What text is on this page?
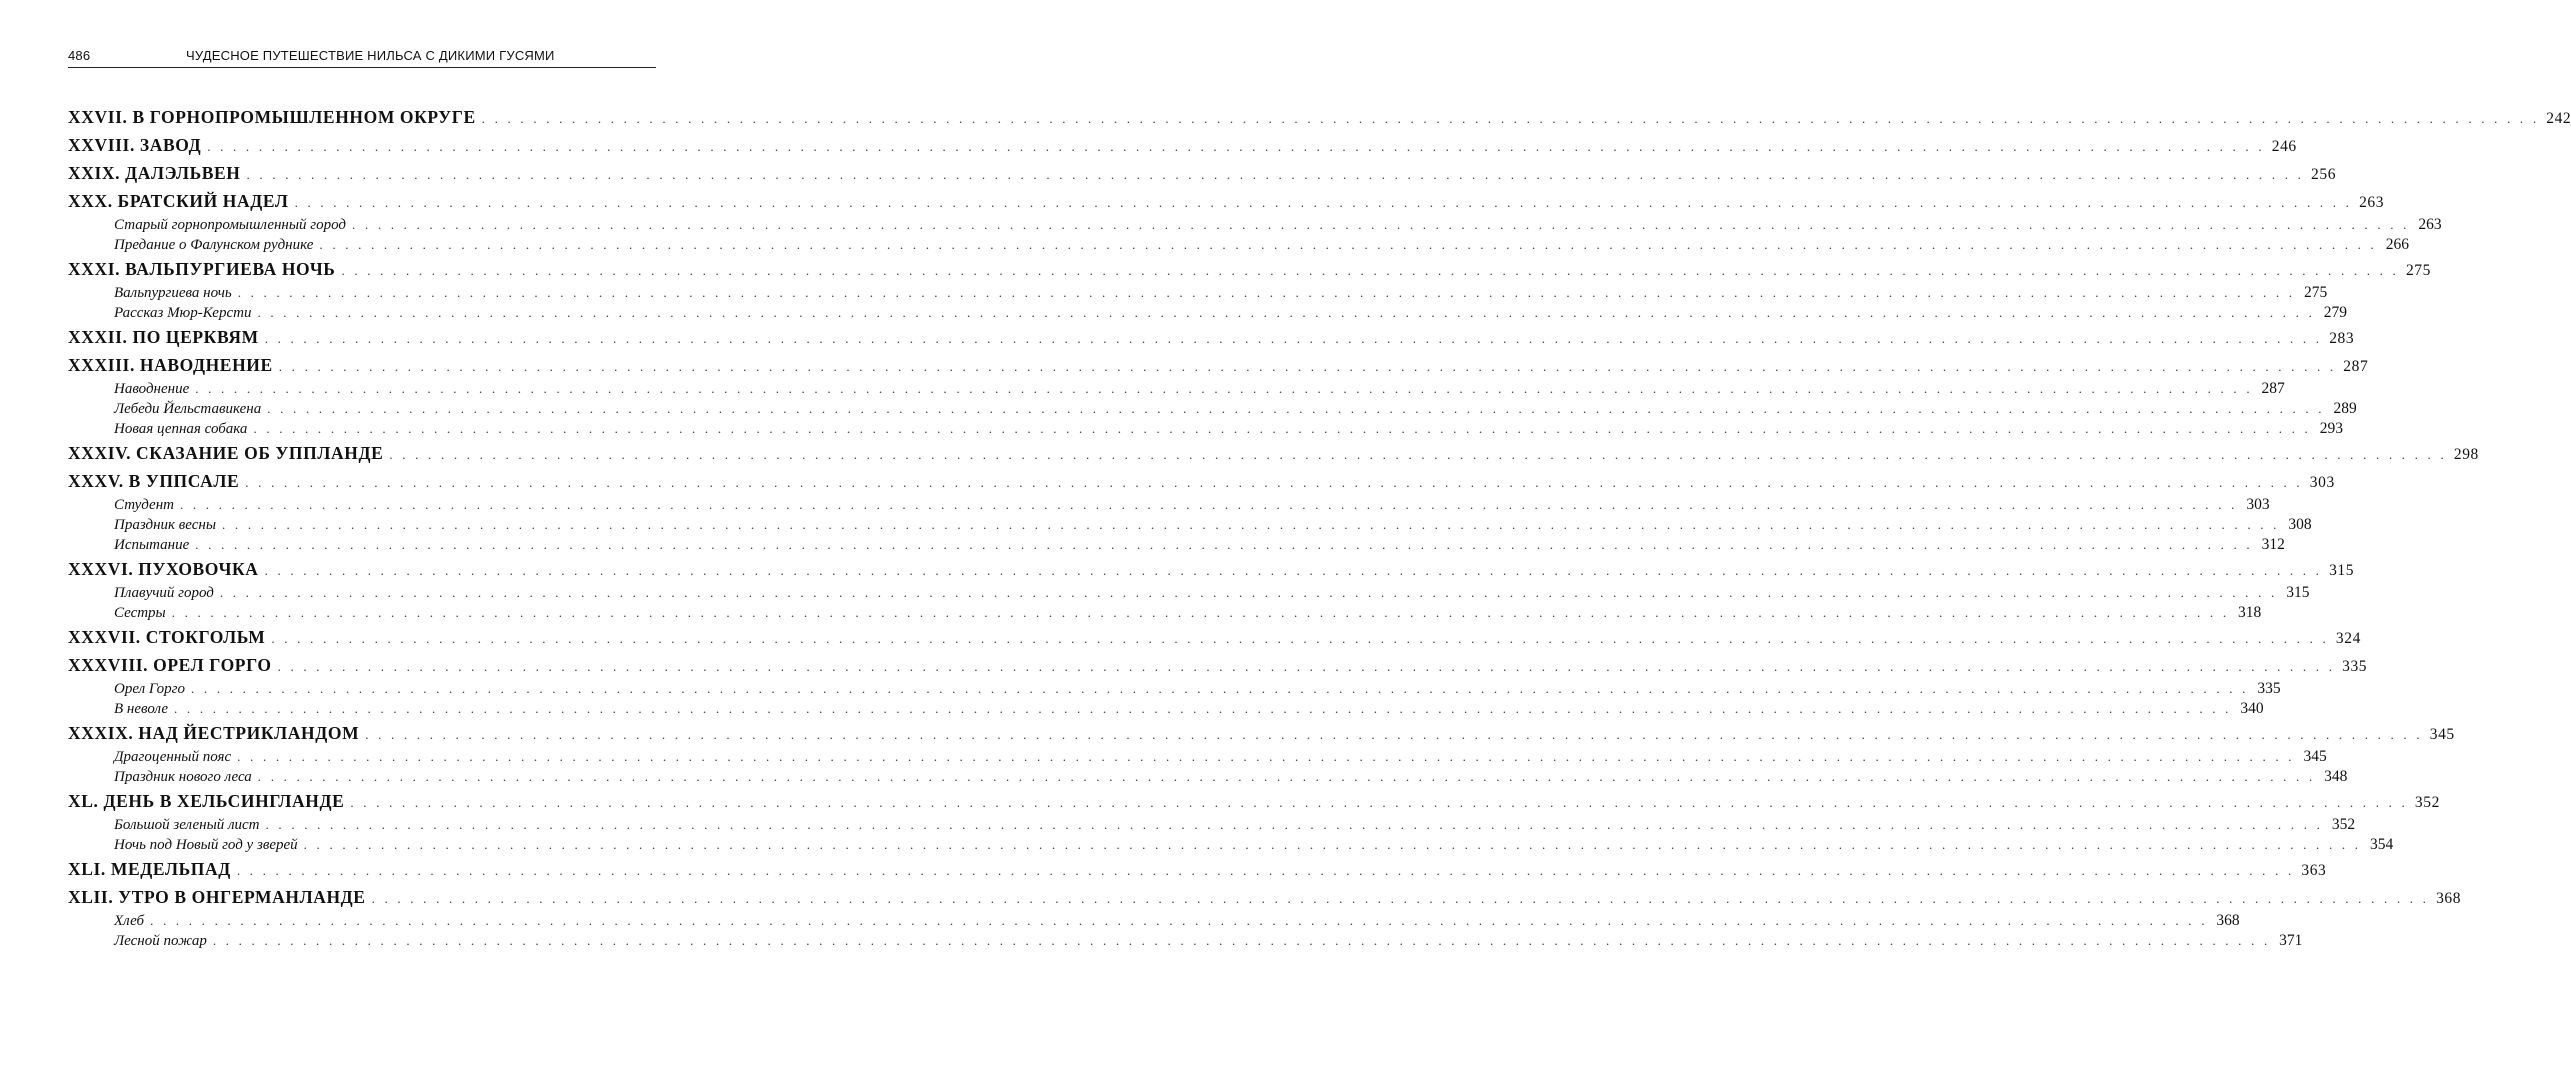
486	ЧУДЕСНОЕ ПУТЕШЕСТВИЕ НИЛЬСА С ДИКИМИ ГУСЯМИ
XXVII. В ГОРНОПРОМЫШЛЕННОМ ОКРУГЕ . . . . . . . . . . . . . . . . . . . . . . . . . . . . . . . . . . . . . . . . . . . . . . . . . . . . . . . . . . . . . . . . . . . . . . . . . . . . . . . . . . . . . . . . . . . . . . . . . . . . . . . . . . . . . . . . . . . . . . . . . . . . . . . . . . . . . . . . . . . . . . . . . . . . . . . . . . . . . . . . 242
XXVIII. ЗАВОД . . . . . . . . . . . . . . . . . . . . . . . . . . . . . . . . . . . . . . . . . . . . . . . . . . . . . . . . . . . . . . . . . . . . . . . . . . . . . . . . . . . . . . . . . . . . . . . . . . . . . . . . . . . . . . . . . . . . . . . . . . . . . . . . . . . . . . . . . . . . . . . . . . . . . . . . . . . . . . . . 246
XXIX. ДАЛЭЛЬВЕН . . . . . . . . . . . . . . . . . . . . . . . . . . . . . . . . . . . . . . . . . . . . . . . . . . . . . . . . . . . . . . . . . . . . . . . . . . . . . . . . . . . . . . . . . . . . . . . . . . . . . . . . . . . . . . . . . . . . . . . . . . . . . . . . . . . . . . . . . . . . . . . . . . . . . . . . . . . . . . . . 256
XXX. БРАТСКИЙ НАДЕЛ . . . . . . . . . . . . . . . . . . . . . . . . . . . . . . . . . . . . . . . . . . . . . . . . . . . . . . . . . . . . . . . . . . . . . . . . . . . . . . . . . . . . . . . . . . . . . . . . . . . . . . . . . . . . . . . . . . . . . . . . . . . . . . . . . . . . . . . . . . . . . . . . . . . . . . . . . . . . . . . . 263
Старый горнопромышленный город . . . . . . . . . . . . . . . . . . . . . . . . . . . . . . . . . . . . . . . . . . . . . . . . . . . . . . . . . . . . . . . . . . . . . . . . . . . . . . . . . . . . . . . . . . . . . . . . . . . . . . . . . . . . . . . . . . . . . . . . . . . . . . . . . . . . . . . . . . . . . . . . . . . . . . . . . . . . . . . . 263
Предание о Фалунском руднике . . . . . . . . . . . . . . . . . . . . . . . . . . . . . . . . . . . . . . . . . . . . . . . . . . . . . . . . . . . . . . . . . . . . . . . . . . . . . . . . . . . . . . . . . . . . . . . . . . . . . . . . . . . . . . . . . . . . . . . . . . . . . . . . . . . . . . . . . . . . . . . . . . . . . . . . . . . . . . . . 266
XXXI. ВАЛЬПУРГИЕВА НОЧЬ . . . . . . . . . . . . . . . . . . . . . . . . . . . . . . . . . . . . . . . . . . . . . . . . . . . . . . . . . . . . . . . . . . . . . . . . . . . . . . . . . . . . . . . . . . . . . . . . . . . . . . . . . . . . . . . . . . . . . . . . . . . . . . . . . . . . . . . . . . . . . . . . . . . . . . . . . . . . . . . . 275
Вальпургиева ночь . . . . . . . . . . . . . . . . . . . . . . . . . . . . . . . . . . . . . . . . . . . . . . . . . . . . . . . . . . . . . . . . . . . . . . . . . . . . . . . . . . . . . . . . . . . . . . . . . . . . . . . . . . . . . . . . . . . . . . . . . . . . . . . . . . . . . . . . . . . . . . . . . . . . . . . . . . . . . . . . 275
Рассказ Мюр-Керсти . . . . . . . . . . . . . . . . . . . . . . . . . . . . . . . . . . . . . . . . . . . . . . . . . . . . . . . . . . . . . . . . . . . . . . . . . . . . . . . . . . . . . . . . . . . . . . . . . . . . . . . . . . . . . . . . . . . . . . . . . . . . . . . . . . . . . . . . . . . . . . . . . . . . . . . . . . . . . . . . 279
XXXII. ПО ЦЕРКВЯМ . . . . . . . . . . . . . . . . . . . . . . . . . . . . . . . . . . . . . . . . . . . . . . . . . . . . . . . . . . . . . . . . . . . . . . . . . . . . . . . . . . . . . . . . . . . . . . . . . . . . . . . . . . . . . . . . . . . . . . . . . . . . . . . . . . . . . . . . . . . . . . . . . . . . . . . . . . . . . . . . 283
XXXIII. НАВОДНЕНИЕ . . . . . . . . . . . . . . . . . . . . . . . . . . . . . . . . . . . . . . . . . . . . . . . . . . . . . . . . . . . . . . . . . . . . . . . . . . . . . . . . . . . . . . . . . . . . . . . . . . . . . . . . . . . . . . . . . . . . . . . . . . . . . . . . . . . . . . . . . . . . . . . . . . . . . . . . . . . . . . . . 287
Наводнение . . . . . . . . . . . . . . . . . . . . . . . . . . . . . . . . . . . . . . . . . . . . . . . . . . . . . . . . . . . . . . . . . . . . . . . . . . . . . . . . . . . . . . . . . . . . . . . . . . . . . . . . . . . . . . . . . . . . . . . . . . . . . . . . . . . . . . . . . . . . . . . . . . . . . . . . . . . . . . . . 287
Лебеди Йельставикена . . . . . . . . . . . . . . . . . . . . . . . . . . . . . . . . . . . . . . . . . . . . . . . . . . . . . . . . . . . . . . . . . . . . . . . . . . . . . . . . . . . . . . . . . . . . . . . . . . . . . . . . . . . . . . . . . . . . . . . . . . . . . . . . . . . . . . . . . . . . . . . . . . . . . . . . . . . . . . . . 289
Новая цепная собака . . . . . . . . . . . . . . . . . . . . . . . . . . . . . . . . . . . . . . . . . . . . . . . . . . . . . . . . . . . . . . . . . . . . . . . . . . . . . . . . . . . . . . . . . . . . . . . . . . . . . . . . . . . . . . . . . . . . . . . . . . . . . . . . . . . . . . . . . . . . . . . . . . . . . . . . . . . . . . . . 293
XXXIV. СКАЗАНИЕ ОБ УППЛАНДЕ . . . . . . . . . . . . . . . . . . . . . . . . . . . . . . . . . . . . . . . . . . . . . . . . . . . . . . . . . . . . . . . . . . . . . . . . . . . . . . . . . . . . . . . . . . . . . . . . . . . . . . . . . . . . . . . . . . . . . . . . . . . . . . . . . . . . . . . . . . . . . . . . . . . . . . . . . . . . . . . . 298
XXXV. В УППСАЛЕ . . . . . . . . . . . . . . . . . . . . . . . . . . . . . . . . . . . . . . . . . . . . . . . . . . . . . . . . . . . . . . . . . . . . . . . . . . . . . . . . . . . . . . . . . . . . . . . . . . . . . . . . . . . . . . . . . . . . . . . . . . . . . . . . . . . . . . . . . . . . . . . . . . . . . . . . . . . . . . . . 303
Студент . . . . . . . . . . . . . . . . . . . . . . . . . . . . . . . . . . . . . . . . . . . . . . . . . . . . . . . . . . . . . . . . . . . . . . . . . . . . . . . . . . . . . . . . . . . . . . . . . . . . . . . . . . . . . . . . . . . . . . . . . . . . . . . . . . . . . . . . . . . . . . . . . . . . . . . . . . . . . . . . 303
Праздник весны . . . . . . . . . . . . . . . . . . . . . . . . . . . . . . . . . . . . . . . . . . . . . . . . . . . . . . . . . . . . . . . . . . . . . . . . . . . . . . . . . . . . . . . . . . . . . . . . . . . . . . . . . . . . . . . . . . . . . . . . . . . . . . . . . . . . . . . . . . . . . . . . . . . . . . . . . . . . . . . . 308
Испытание . . . . . . . . . . . . . . . . . . . . . . . . . . . . . . . . . . . . . . . . . . . . . . . . . . . . . . . . . . . . . . . . . . . . . . . . . . . . . . . . . . . . . . . . . . . . . . . . . . . . . . . . . . . . . . . . . . . . . . . . . . . . . . . . . . . . . . . . . . . . . . . . . . . . . . . . . . . . . . . . 312
XXXVI. ПУХОВОЧКА . . . . . . . . . . . . . . . . . . . . . . . . . . . . . . . . . . . . . . . . . . . . . . . . . . . . . . . . . . . . . . . . . . . . . . . . . . . . . . . . . . . . . . . . . . . . . . . . . . . . . . . . . . . . . . . . . . . . . . . . . . . . . . . . . . . . . . . . . . . . . . . . . . . . . . . . . . . . . . . . 315
Плавучий город . . . . . . . . . . . . . . . . . . . . . . . . . . . . . . . . . . . . . . . . . . . . . . . . . . . . . . . . . . . . . . . . . . . . . . . . . . . . . . . . . . . . . . . . . . . . . . . . . . . . . . . . . . . . . . . . . . . . . . . . . . . . . . . . . . . . . . . . . . . . . . . . . . . . . . . . . . . . . . . . 315
Сестры . . . . . . . . . . . . . . . . . . . . . . . . . . . . . . . . . . . . . . . . . . . . . . . . . . . . . . . . . . . . . . . . . . . . . . . . . . . . . . . . . . . . . . . . . . . . . . . . . . . . . . . . . . . . . . . . . . . . . . . . . . . . . . . . . . . . . . . . . . . . . . . . . . . . . . . . . . . . . . . . 318
XXXVII. СТОКГОЛЬМ . . . . . . . . . . . . . . . . . . . . . . . . . . . . . . . . . . . . . . . . . . . . . . . . . . . . . . . . . . . . . . . . . . . . . . . . . . . . . . . . . . . . . . . . . . . . . . . . . . . . . . . . . . . . . . . . . . . . . . . . . . . . . . . . . . . . . . . . . . . . . . . . . . . . . . . . . . . . . . . . 324
XXXVIII. ОРЕЛ ГОРГО . . . . . . . . . . . . . . . . . . . . . . . . . . . . . . . . . . . . . . . . . . . . . . . . . . . . . . . . . . . . . . . . . . . . . . . . . . . . . . . . . . . . . . . . . . . . . . . . . . . . . . . . . . . . . . . . . . . . . . . . . . . . . . . . . . . . . . . . . . . . . . . . . . . . . . . . . . . . . . . . 335
Орел Горго . . . . . . . . . . . . . . . . . . . . . . . . . . . . . . . . . . . . . . . . . . . . . . . . . . . . . . . . . . . . . . . . . . . . . . . . . . . . . . . . . . . . . . . . . . . . . . . . . . . . . . . . . . . . . . . . . . . . . . . . . . . . . . . . . . . . . . . . . . . . . . . . . . . . . . . . . . . . . . . . 335
В неволе . . . . . . . . . . . . . . . . . . . . . . . . . . . . . . . . . . . . . . . . . . . . . . . . . . . . . . . . . . . . . . . . . . . . . . . . . . . . . . . . . . . . . . . . . . . . . . . . . . . . . . . . . . . . . . . . . . . . . . . . . . . . . . . . . . . . . . . . . . . . . . . . . . . . . . . . . . . . . . . . 340
XXXIX. НАД ЙЕСТРИКЛАНДОМ . . . . . . . . . . . . . . . . . . . . . . . . . . . . . . . . . . . . . . . . . . . . . . . . . . . . . . . . . . . . . . . . . . . . . . . . . . . . . . . . . . . . . . . . . . . . . . . . . . . . . . . . . . . . . . . . . . . . . . . . . . . . . . . . . . . . . . . . . . . . . . . . . . . . . . . . . . . . . . . . 345
Драгоценный пояс . . . . . . . . . . . . . . . . . . . . . . . . . . . . . . . . . . . . . . . . . . . . . . . . . . . . . . . . . . . . . . . . . . . . . . . . . . . . . . . . . . . . . . . . . . . . . . . . . . . . . . . . . . . . . . . . . . . . . . . . . . . . . . . . . . . . . . . . . . . . . . . . . . . . . . . . . . . . . . . . 345
Праздник нового леса . . . . . . . . . . . . . . . . . . . . . . . . . . . . . . . . . . . . . . . . . . . . . . . . . . . . . . . . . . . . . . . . . . . . . . . . . . . . . . . . . . . . . . . . . . . . . . . . . . . . . . . . . . . . . . . . . . . . . . . . . . . . . . . . . . . . . . . . . . . . . . . . . . . . . . . . . . . . . . . . 348
XL. ДЕНЬ В ХЕЛЬСИНГЛАНДЕ . . . . . . . . . . . . . . . . . . . . . . . . . . . . . . . . . . . . . . . . . . . . . . . . . . . . . . . . . . . . . . . . . . . . . . . . . . . . . . . . . . . . . . . . . . . . . . . . . . . . . . . . . . . . . . . . . . . . . . . . . . . . . . . . . . . . . . . . . . . . . . . . . . . . . . . . . . . . . . . . 352
Большой зеленый лист . . . . . . . . . . . . . . . . . . . . . . . . . . . . . . . . . . . . . . . . . . . . . . . . . . . . . . . . . . . . . . . . . . . . . . . . . . . . . . . . . . . . . . . . . . . . . . . . . . . . . . . . . . . . . . . . . . . . . . . . . . . . . . . . . . . . . . . . . . . . . . . . . . . . . . . . . . . . . . . . 352
Ночь под Новый год у зверей . . . . . . . . . . . . . . . . . . . . . . . . . . . . . . . . . . . . . . . . . . . . . . . . . . . . . . . . . . . . . . . . . . . . . . . . . . . . . . . . . . . . . . . . . . . . . . . . . . . . . . . . . . . . . . . . . . . . . . . . . . . . . . . . . . . . . . . . . . . . . . . . . . . . . . . . . . . . . . . . 354
XLI. МЕДЕЛЬПАД . . . . . . . . . . . . . . . . . . . . . . . . . . . . . . . . . . . . . . . . . . . . . . . . . . . . . . . . . . . . . . . . . . . . . . . . . . . . . . . . . . . . . . . . . . . . . . . . . . . . . . . . . . . . . . . . . . . . . . . . . . . . . . . . . . . . . . . . . . . . . . . . . . . . . . . . . . . . . . . . 363
XLII. УТРО В ОНГЕРМАНЛАНДЕ . . . . . . . . . . . . . . . . . . . . . . . . . . . . . . . . . . . . . . . . . . . . . . . . . . . . . . . . . . . . . . . . . . . . . . . . . . . . . . . . . . . . . . . . . . . . . . . . . . . . . . . . . . . . . . . . . . . . . . . . . . . . . . . . . . . . . . . . . . . . . . . . . . . . . . . . . . . . . . . . 368
Хлеб . . . . . . . . . . . . . . . . . . . . . . . . . . . . . . . . . . . . . . . . . . . . . . . . . . . . . . . . . . . . . . . . . . . . . . . . . . . . . . . . . . . . . . . . . . . . . . . . . . . . . . . . . . . . . . . . . . . . . . . . . . . . . . . . . . . . . . . . . . . . . . . . . . . . . . . . . . . . . . . . 368
Лесной пожар . . . . . . . . . . . . . . . . . . . . . . . . . . . . . . . . . . . . . . . . . . . . . . . . . . . . . . . . . . . . . . . . . . . . . . . . . . . . . . . . . . . . . . . . . . . . . . . . . . . . . . . . . . . . . . . . . . . . . . . . . . . . . . . . . . . . . . . . . . . . . . . . . . . . . . . . . . . . . . . . 371
